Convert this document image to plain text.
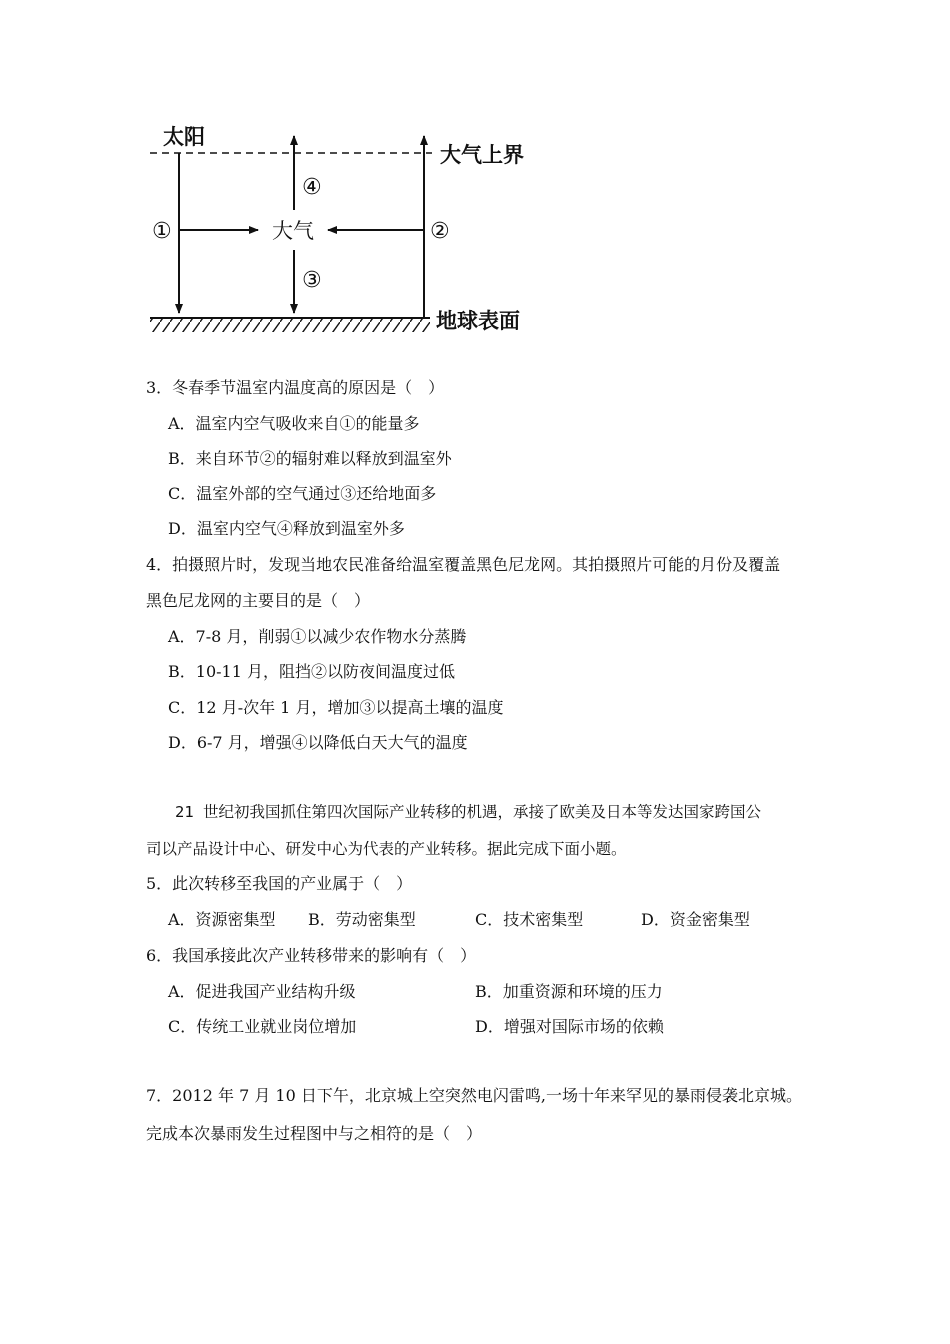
太阳
大气上界
大气
地球表面
①	②
③
④
3．冬春季节温室内温度高的原因是（　）
A．温室内空气吸收来自①的能量多
B．来自环节②的辐射难以释放到温室外
C．温室外部的空气通过③还给地面多
D．温室内空气④释放到温室外多
4．拍摄照片时，发现当地农民准备给温室覆盖黑色尼龙网。其拍摄照片可能的月份及覆盖
黑色尼龙网的主要目的是（　）
A．7-8 月，削弱①以减少农作物水分蒸腾
B．10-11 月，阻挡②以防夜间温度过低
C．12 月-次年 1 月，增加③以提高土壤的温度
D．6-7 月，增强④以降低白天大气的温度
21 世纪初我国抓住第四次国际产业转移的机遇，承接了欧美及日本等发达国家跨国公
司以产品设计中心、研发中心为代表的产业转移。据此完成下面小题。
5．此次转移至我国的产业属于（　）
A．资源密集型 B．劳动密集型	C．技术密集型	D．资金密集型
6．我国承接此次产业转移带来的影响有（　）
A．促进我国产业结构升级	B．加重资源和环境的压力
C．传统工业就业岗位增加	D．增强对国际市场的依赖
7．2012 年 7 月 10 日下午，北京城上空突然电闪雷鸣,一场十年来罕见的暴雨侵袭北京城。
完成本次暴雨发生过程图中与之相符的是（　）
